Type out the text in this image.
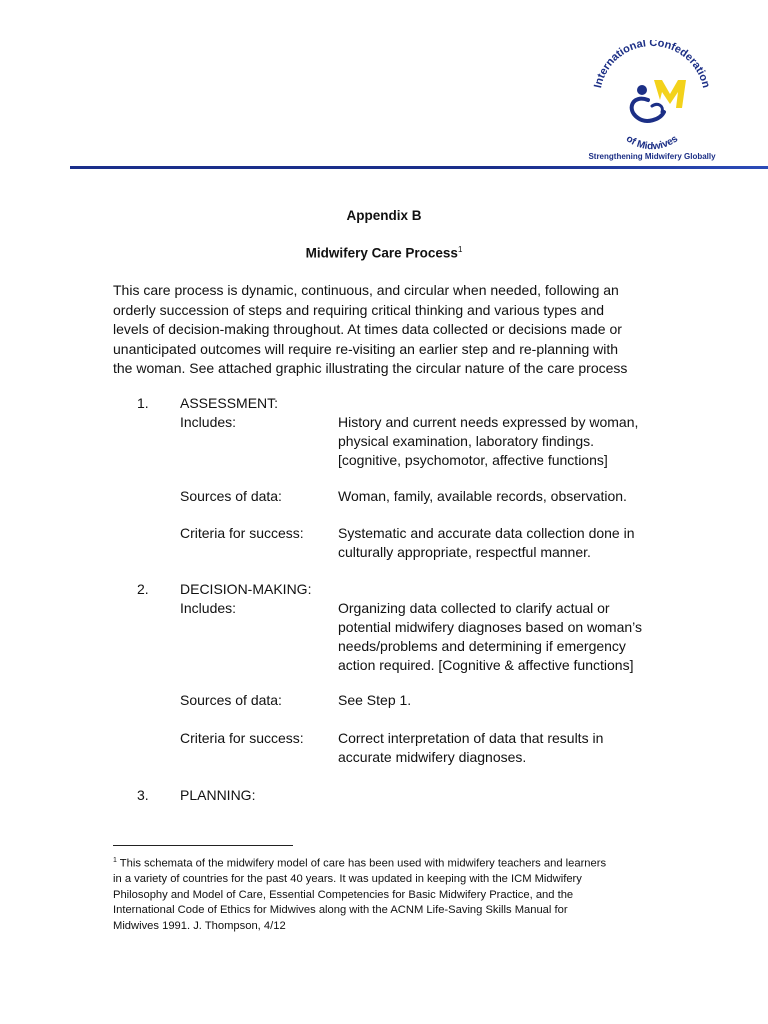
International Confederation
of Midwives
Strengthening Midwifery Globally
Appendix B
Midwifery Care Process$^1$

This care process is dynamic, continuous, and circular when needed, following an
orderly succession of steps and requiring critical thinking and various types and
levels of decision-making throughout. At times data collected or decisions made or
unanticipated outcomes will require re-visiting an earlier step and re-planning with
the woman. See attached graphic illustrating the circular nature of the care process

1. ASSESSMENT:
Includes:	History and current needs expressed by woman,
physical examination, laboratory findings.
[cognitive, psychomotor, affective functions]

Sources of data:	Woman, family, available records, observation.

Criteria for success: Systematic and accurate data collection done in
culturally appropriate, respectful manner.

2. DECISION-MAKING:
Includes:	Organizing data collected to clarify actual or
potential midwifery diagnoses based on woman’s
needs/problems and determining if emergency
action required. [Cognitive & affective functions]

Sources of data:	See Step 1.

Criteria for success: Correct interpretation of data that results in
accurate midwifery diagnoses.

3. PLANNING:

$^1$ This schemata of the midwifery model of care has been used with midwifery teachers and learners
in a variety of countries for the past 40 years. It was updated in keeping with the ICM Midwifery
Philosophy and Model of Care, Essential Competencies for Basic Midwifery Practice, and the
International Code of Ethics for Midwives along with the ACNM Life-Saving Skills Manual for
Midwives 1991. J. Thompson, 4/12
